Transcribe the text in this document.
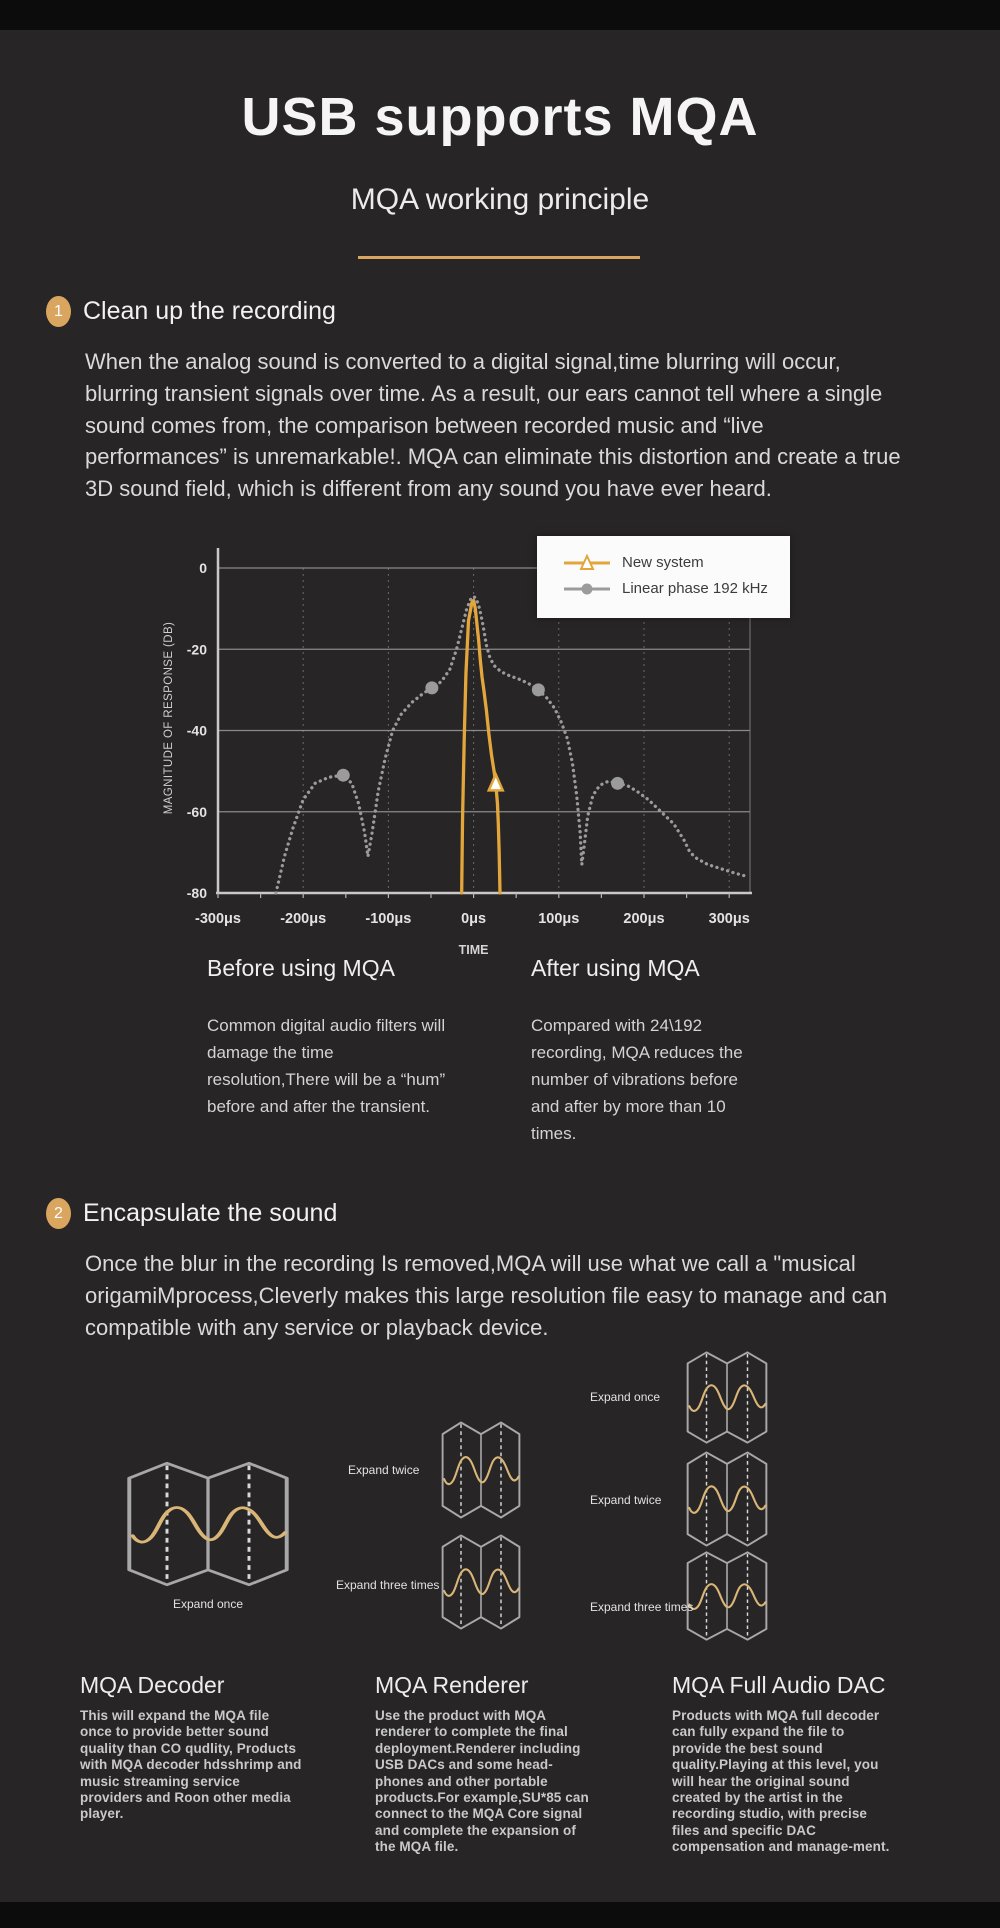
USB supports MQA
MQA working principle
1 Clean up the recording

When the analog sound is converted to a digital signal,time blurring will occur, blurring transient signals over time. As a result, our ears cannot tell where a single sound comes from, the comparison between recorded music and “live performances” is unremarkable!. MQA can eliminate this distortion and create a true 3D sound field, which is different from any sound you have ever heard.

0
-20
-40
-60
-80
-300μs	-200μs	-100μs	0μs	100μs	200μs	300μs
TIME
MAGNITUDE OF RESPONSE (DB)
New system
Linear phase 192 kHz
Before using MQA	After using MQA

Common digital audio filters will damage the time resolution,There will be a “hum” before and after the transient.

Compared with 24\192 recording, MQA reduces the number of vibrations before and after by more than 10 times.

2 Encapsulate the sound

Once the blur in the recording Is removed,MQA will use what we call a "musical origamiMprocess,Cleverly makes this large resolution file easy to manage and can compatible with any service or playback device.

Expand once
Expand twice
Expand three times
Expand once
Expand twice
Expand three times
MQA Decoder	MQA Renderer	MQA Full Audio DAC

This will expand the MQA file once to provide better sound quality than CO qudlity, Products with MQA decoder hdsshrimp and music streaming service providers and Roon other media player.

Use the product with MQA renderer to complete the final deployment.Renderer including USB DACs and some head-phones and other portable products.For example,SU*85 can connect to the MQA Core signal and complete the expansion of the MQA file.

Products with MQA full decoder can fully expand the file to provide the best sound quality.Playing at this level, you will hear the original sound created by the artist in the recording studio, with precise files and specific DAC compensation and manage-ment.
